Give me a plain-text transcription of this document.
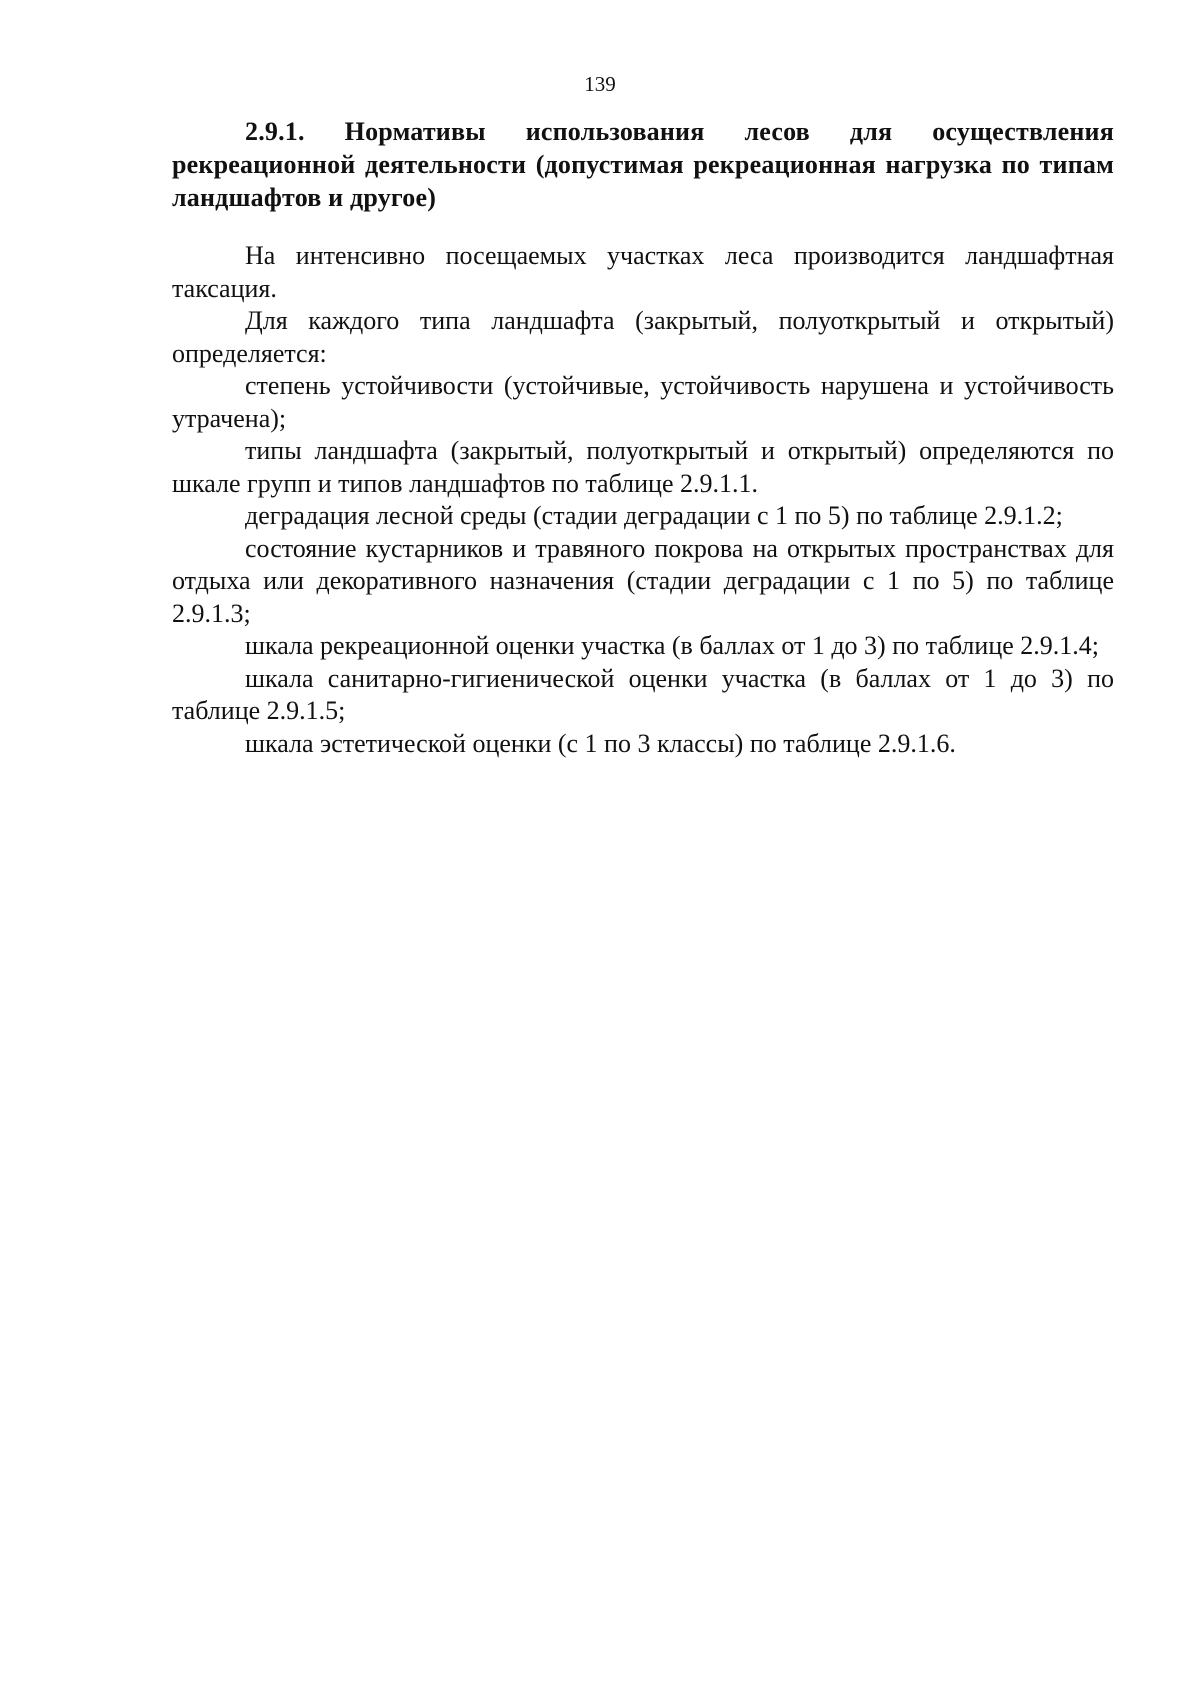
139
2.9.1. Нормативы использования лесов для осуществления рекреационной деятельности (допустимая рекреационная нагрузка по типам ландшафтов и другое)

На интенсивно посещаемых участках леса производится ландшафтная таксация.

Для каждого типа ландшафта (закрытый, полуоткрытый и открытый) определяется:

степень устойчивости (устойчивые, устойчивость нарушена и устойчивость утрачена);

типы ландшафта (закрытый, полуоткрытый и открытый) определяются по шкале групп и типов ландшафтов по таблице 2.9.1.1.

деградация лесной среды (стадии деградации с 1 по 5) по таблице 2.9.1.2;

состояние кустарников и травяного покрова на открытых пространствах для отдыха или декоративного назначения (стадии деградации с 1 по 5) по таблице 2.9.1.3;

шкала рекреационной оценки участка (в баллах от 1 до 3) по таблице 2.9.1.4;

шкала санитарно-гигиенической оценки участка (в баллах от 1 до 3) по таблице 2.9.1.5;

шкала эстетической оценки (с 1 по 3 классы) по таблице 2.9.1.6.
